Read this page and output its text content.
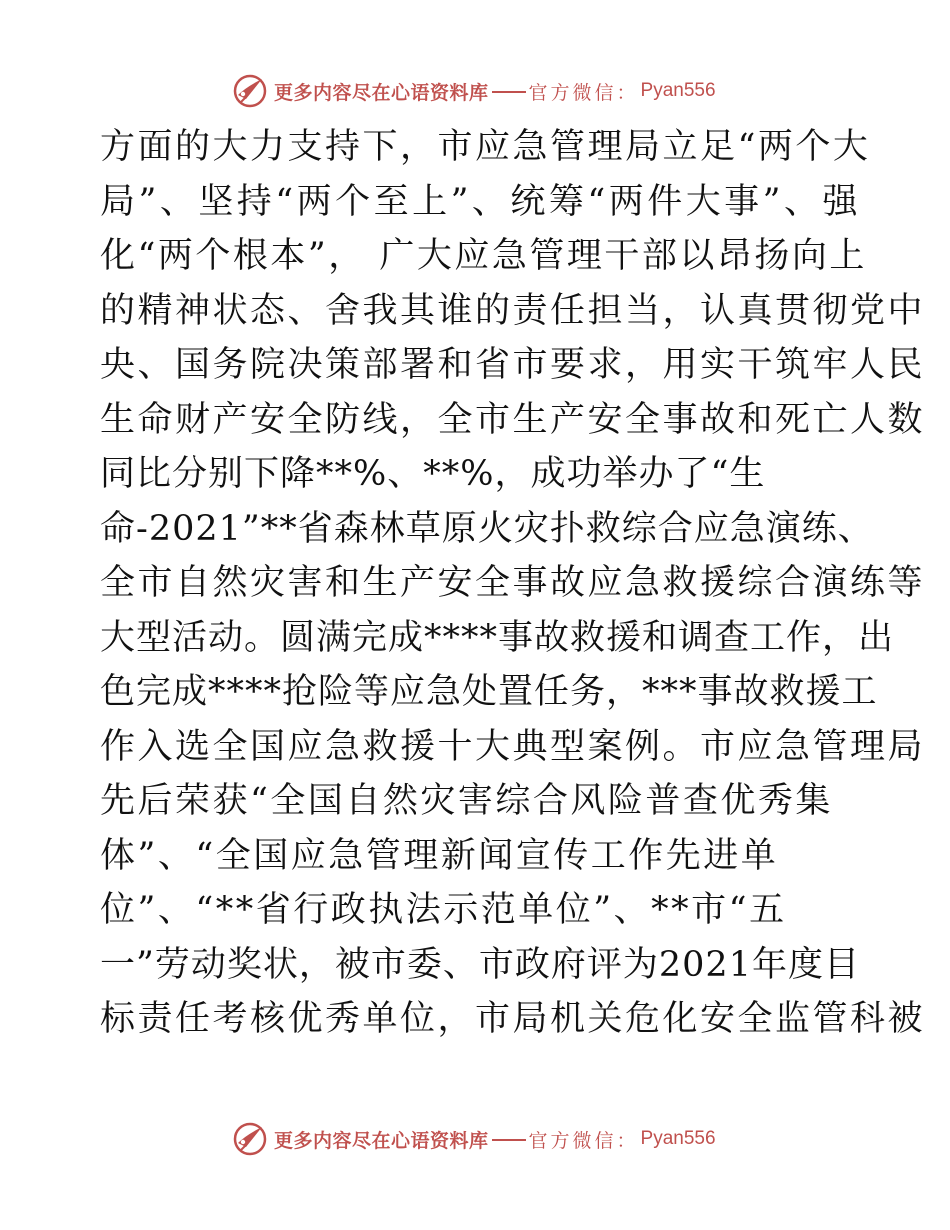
更多内容尽在心语资料库 官方微信： Pyan556
方面的大力支持下，市应急管理局立足“两个大
局”、坚持“两个至上”、统筹“两件大事”、强
化“两个根本”， 广大应急管理干部以昂扬向上
的精神状态、舍我其谁的责任担当，认真贯彻党中
央、国务院决策部署和省市要求，用实干筑牢人民
生命财产安全防线，全市生产安全事故和死亡人数
同比分别下降**%、**%，成功举办了“生
命-2021”**省森林草原火灾扑救综合应急演练、
全市自然灾害和生产安全事故应急救援综合演练等
大型活动。圆满完成****事故救援和调查工作，出
色完成****抢险等应急处置任务，***事故救援工
作入选全国应急救援十大典型案例。市应急管理局
先后荣获“全国自然灾害综合风险普查优秀集
体”、“全国应急管理新闻宣传工作先进单
位”、“**省行政执法示范单位”、**市“五
一”劳动奖状，被市委、市政府评为2021年度目
标责任考核优秀单位，市局机关危化安全监管科被
更多内容尽在心语资料库 官方微信： Pyan556
